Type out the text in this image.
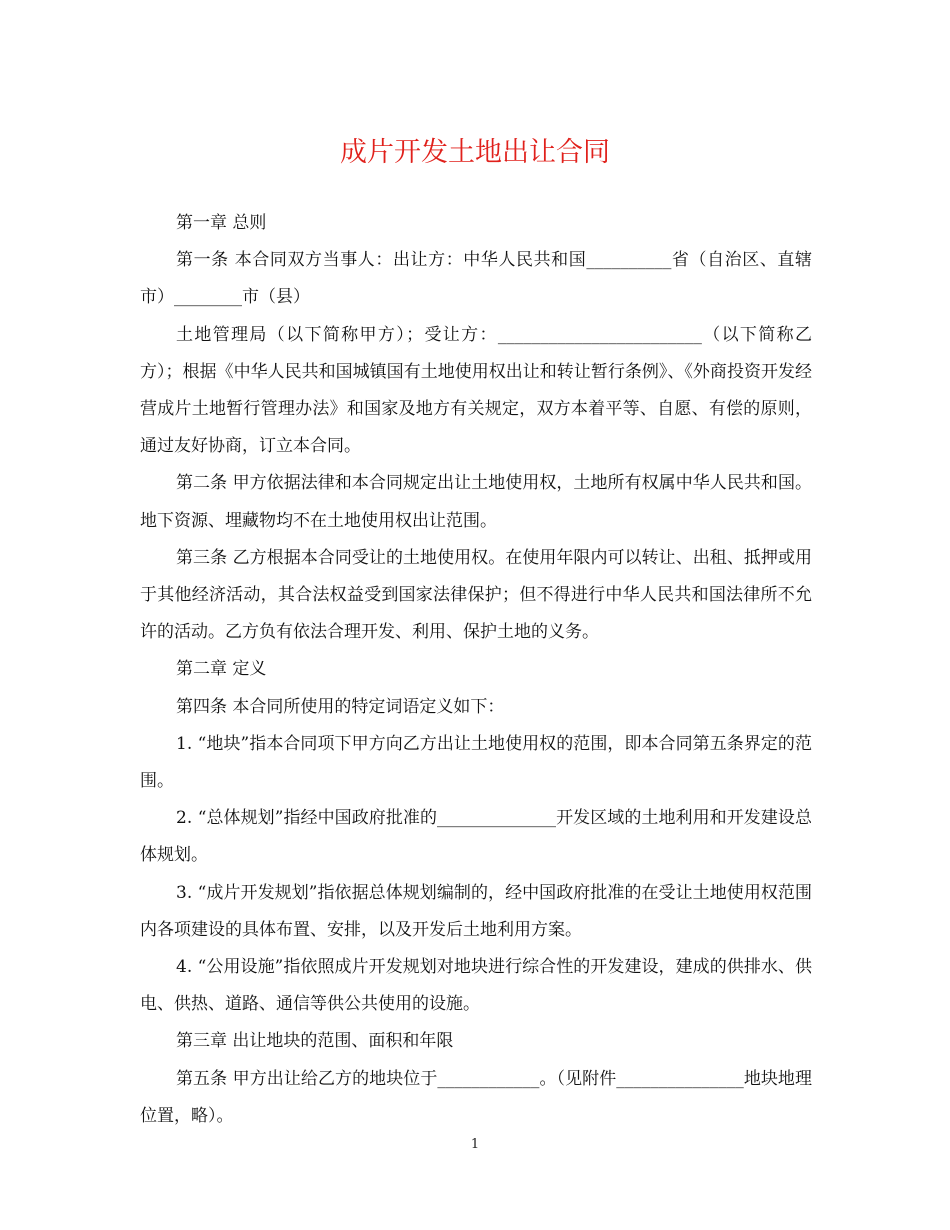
成片开发土地出让合同

第一章 总则

第一条 本合同双方当事人：出让方：中华人民共和国__________省（自治区、直辖市）________市（县）

土地管理局（以下简称甲方）；受让方：________________________（以下简称乙方）；根据《中华人民共和国城镇国有土地使用权出让和转让暂行条例》、《外商投资开发经营成片土地暂行管理办法》和国家及地方有关规定，双方本着平等、自愿、有偿的原则，通过友好协商，订立本合同。

第二条 甲方依据法律和本合同规定出让土地使用权，土地所有权属中华人民共和国。地下资源、埋藏物均不在土地使用权出让范围。

第三条 乙方根据本合同受让的土地使用权。在使用年限内可以转让、出租、抵押或用于其他经济活动，其合法权益受到国家法律保护；但不得进行中华人民共和国法律所不允许的活动。乙方负有依法合理开发、利用、保护土地的义务。

第二章 定义

第四条 本合同所使用的特定词语定义如下：

1. “地块”指本合同项下甲方向乙方出让土地使用权的范围，即本合同第五条界定的范围。

2. “总体规划”指经中国政府批准的______________开发区域的土地利用和开发建设总体规划。

3. “成片开发规划”指依据总体规划编制的，经中国政府批准的在受让土地使用权范围内各项建设的具体布置、安排，以及开发后土地利用方案。

4. “公用设施”指依照成片开发规划对地块进行综合性的开发建设，建成的供排水、供电、供热、道路、通信等供公共使用的设施。

第三章 出让地块的范围、面积和年限

第五条 甲方出让给乙方的地块位于____________。（见附件_______________地块地理位置，略）。

1
